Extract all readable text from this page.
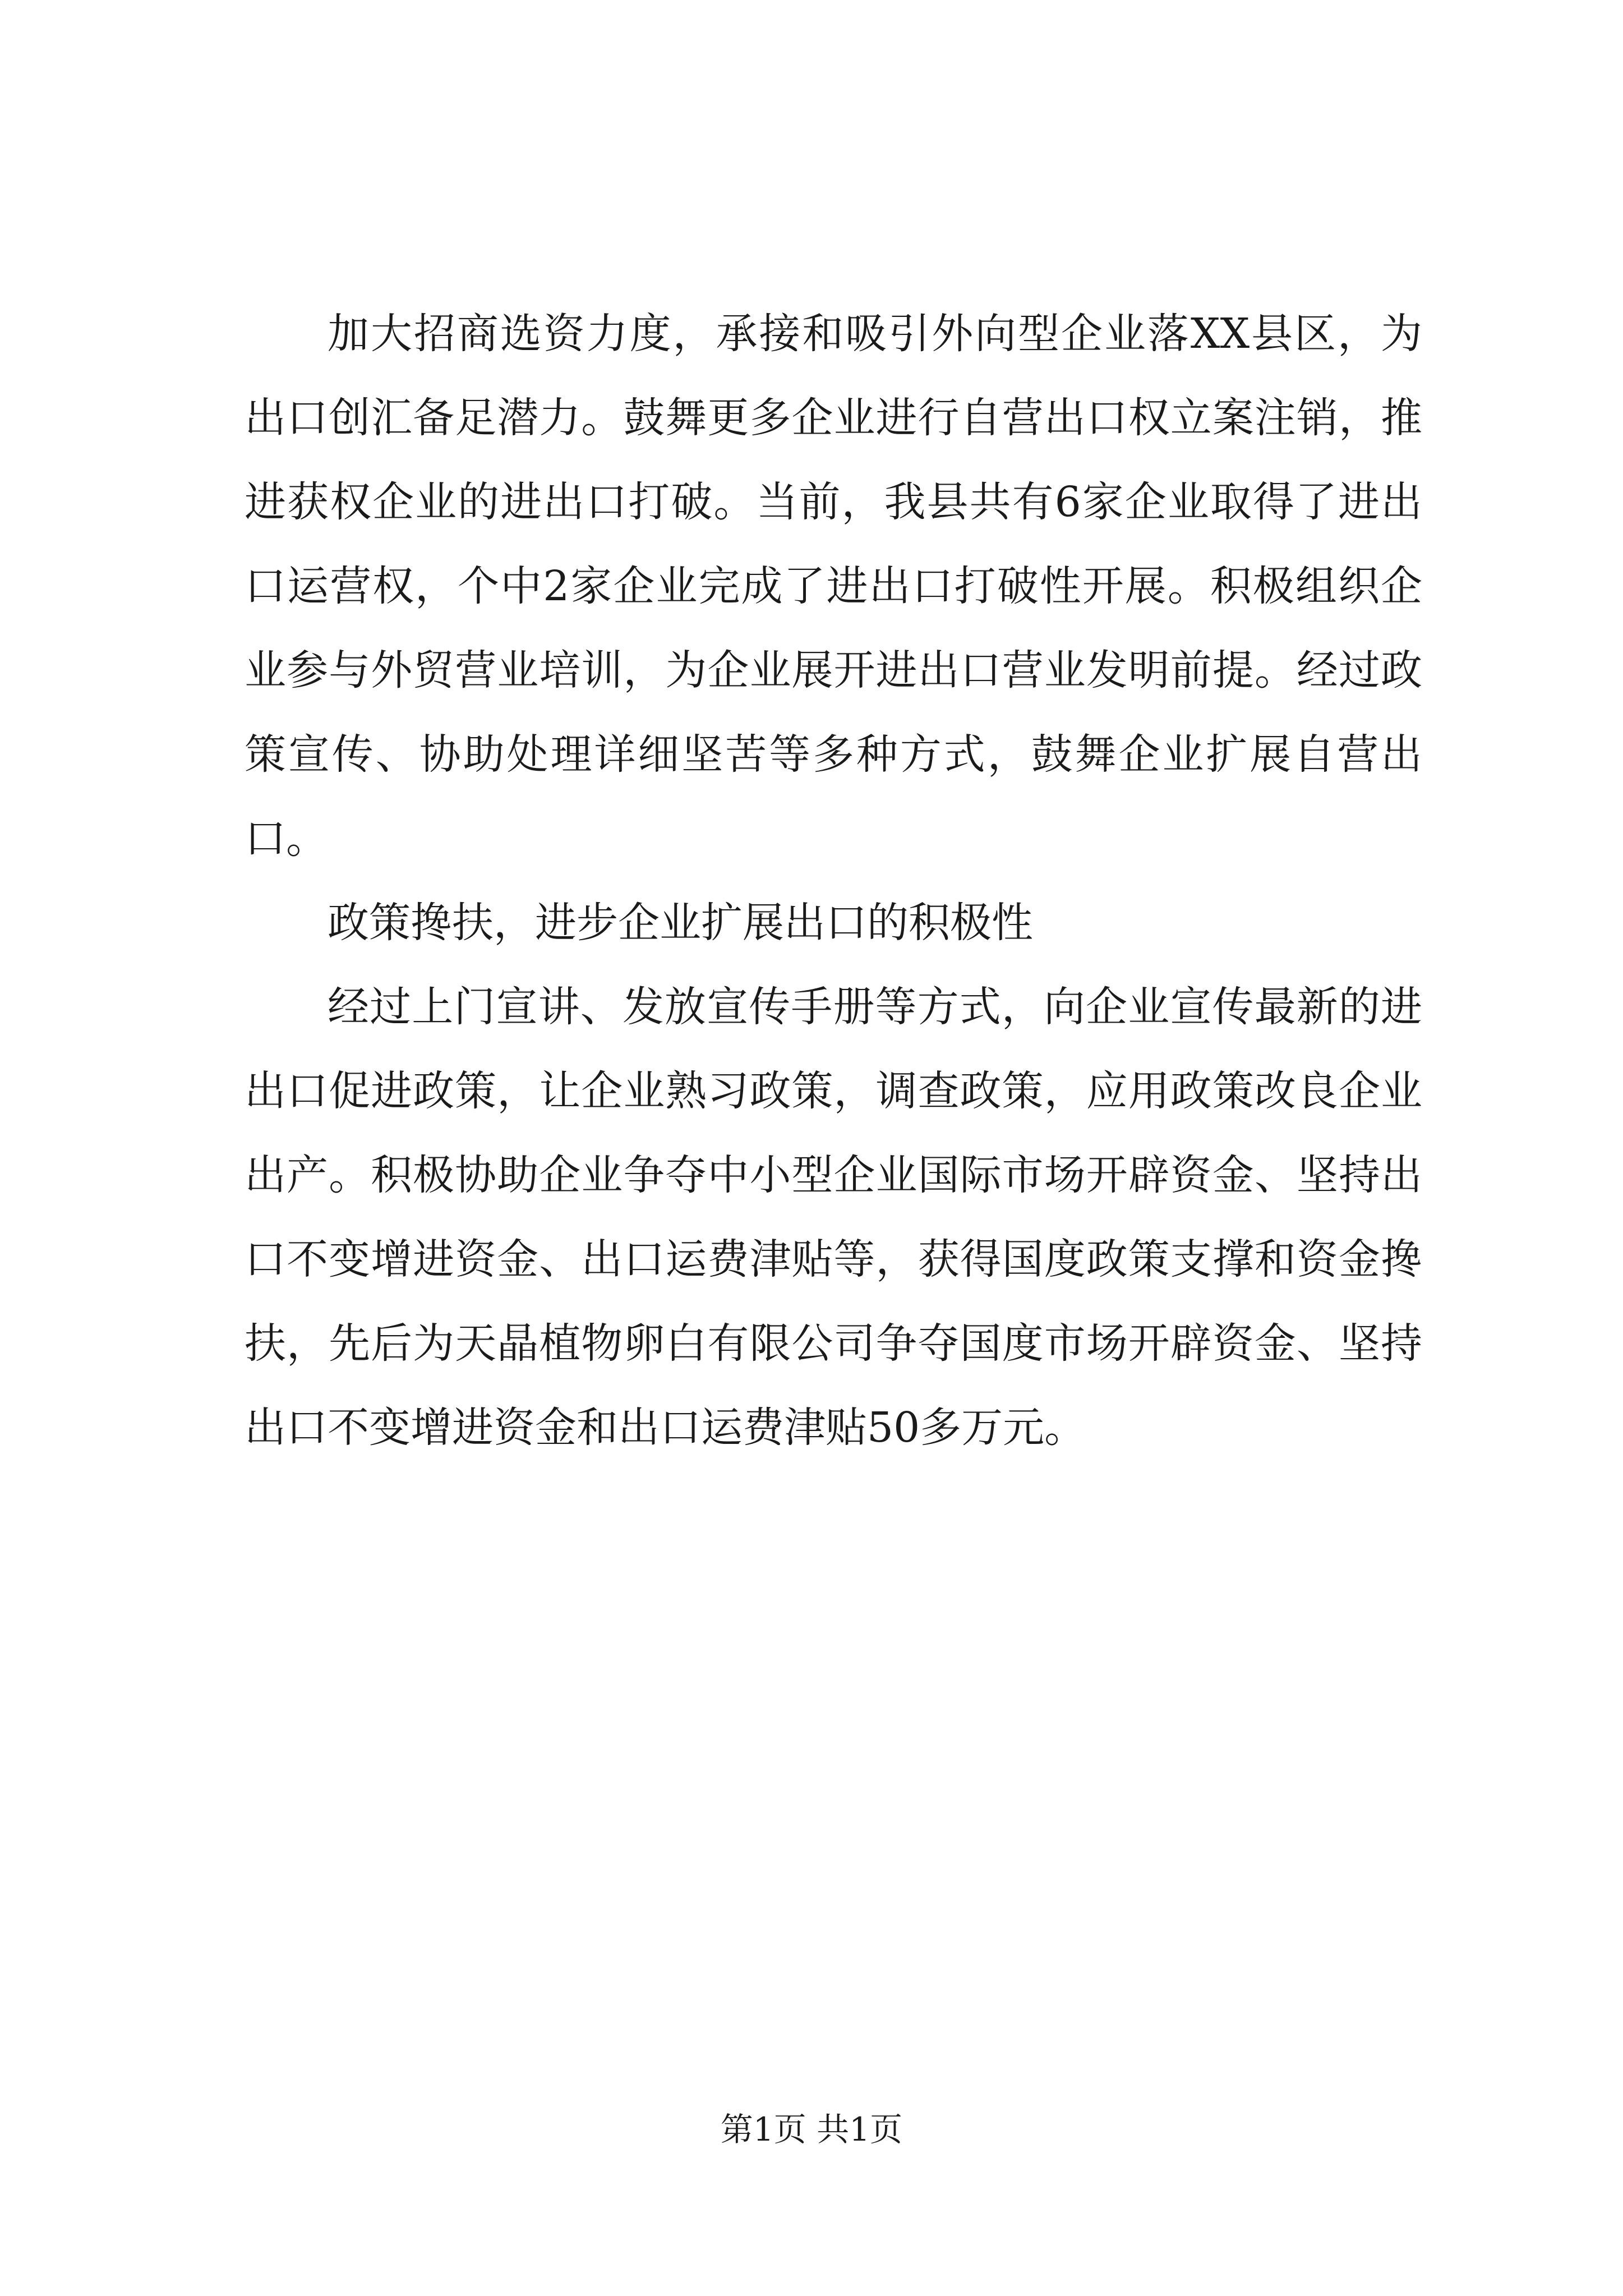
加大招商选资力度，承接和吸引外向型企业落XX县区，为出口创汇备足潜力。鼓舞更多企业进行自营出口权立案注销，推进获权企业的进出口打破。当前，我县共有6家企业取得了进出口运营权，个中2家企业完成了进出口打破性开展。积极组织企业参与外贸营业培训，为企业展开进出口营业发明前提。经过政策宣传、协助处理详细坚苦等多种方式，鼓舞企业扩展自营出口。

政策搀扶，进步企业扩展出口的积极性

经过上门宣讲、发放宣传手册等方式，向企业宣传最新的进出口促进政策，让企业熟习政策，调查政策，应用政策改良企业出产。积极协助企业争夺中小型企业国际市场开辟资金、坚持出口不变增进资金、出口运费津贴等，获得国度政策支撑和资金搀扶，先后为天晶植物卵白有限公司争夺国度市场开辟资金、坚持出口不变增进资金和出口运费津贴50多万元。

第1页 共1页
